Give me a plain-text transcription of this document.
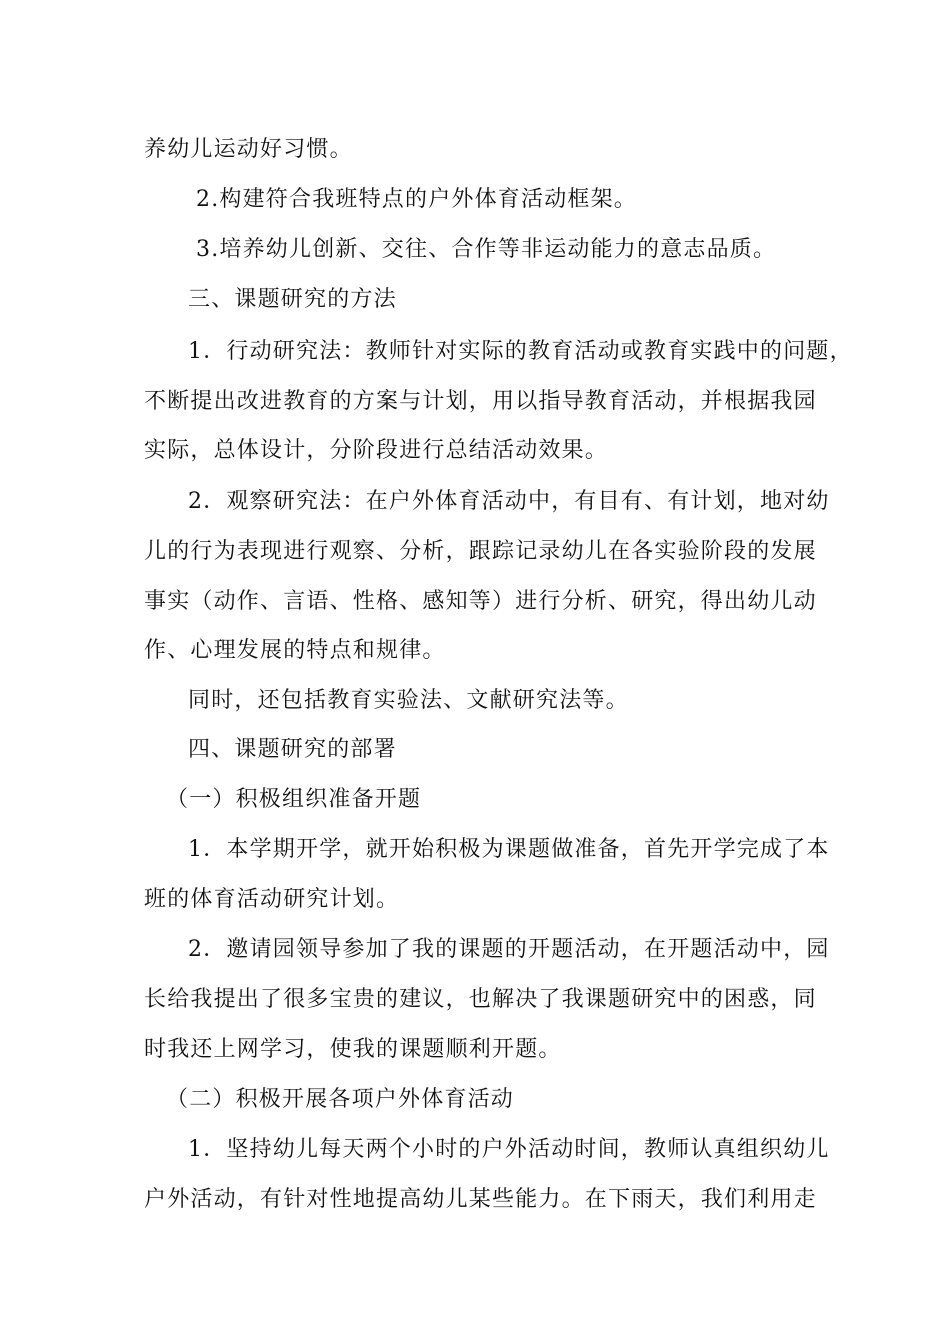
养幼儿运动好习惯。
2.构建符合我班特点的户外体育活动框架。
3.培养幼儿创新、交往、合作等非运动能力的意志品质。
三、课题研究的方法
1．行动研究法：教师针对实际的教育活动或教育实践中的问题，
不断提出改进教育的方案与计划，用以指导教育活动，并根据我园
实际，总体设计，分阶段进行总结活动效果。
2．观察研究法：在户外体育活动中，有目有、有计划，地对幼
儿的行为表现进行观察、分析，跟踪记录幼儿在各实验阶段的发展
事实（动作、言语、性格、感知等）进行分析、研究，得出幼儿动
作、心理发展的特点和规律。
同时，还包括教育实验法、文献研究法等。
四、课题研究的部署
（一）积极组织准备开题
1．本学期开学，就开始积极为课题做准备，首先开学完成了本
班的体育活动研究计划。
2．邀请园领导参加了我的课题的开题活动，在开题活动中，园
长给我提出了很多宝贵的建议，也解决了我课题研究中的困惑，同
时我还上网学习，使我的课题顺利开题。
（二）积极开展各项户外体育活动
1．坚持幼儿每天两个小时的户外活动时间，教师认真组织幼儿
户外活动，有针对性地提高幼儿某些能力。在下雨天，我们利用走
